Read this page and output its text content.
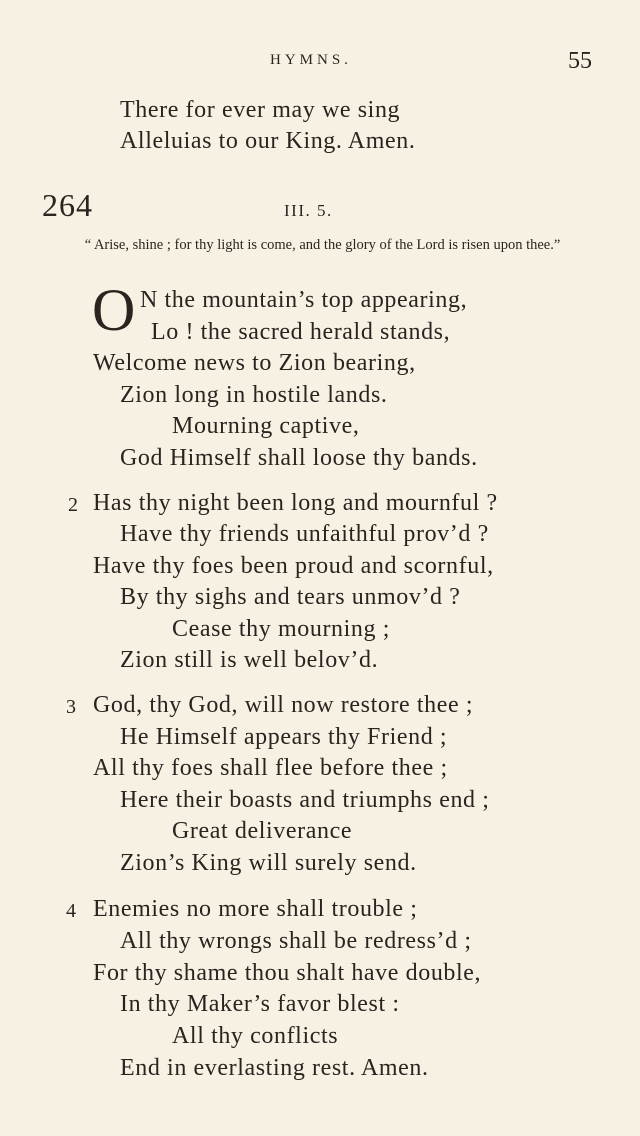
HYMNS.	55
There for ever may we sing
Alleluias to our King. Amen.
264	III. 5.
“ Arise, shine ; for thy light is come, and the glory of the Lord is risen upon thee.”
O N the mountain’s top appearing,
Lo ! the sacred herald stands,
Welcome news to Zion bearing,
Zion long in hostile lands.
Mourning captive,
God Himself shall loose thy bands.
2 Has thy night been long and mournful ?
Have thy friends unfaithful prov’d ?
Have thy foes been proud and scornful,
By thy sighs and tears unmov’d ?
Cease thy mourning ;
Zion still is well belov’d.
3 God, thy God, will now restore thee ;
He Himself appears thy Friend ;
All thy foes shall flee before thee ;
Here their boasts and triumphs end ;
Great deliverance
Zion’s King will surely send.
4 Enemies no more shall trouble ;
All thy wrongs shall be redress’d ;
For thy shame thou shalt have double,
In thy Maker’s favor blest :
All thy conflicts
End in everlasting rest. Amen.
